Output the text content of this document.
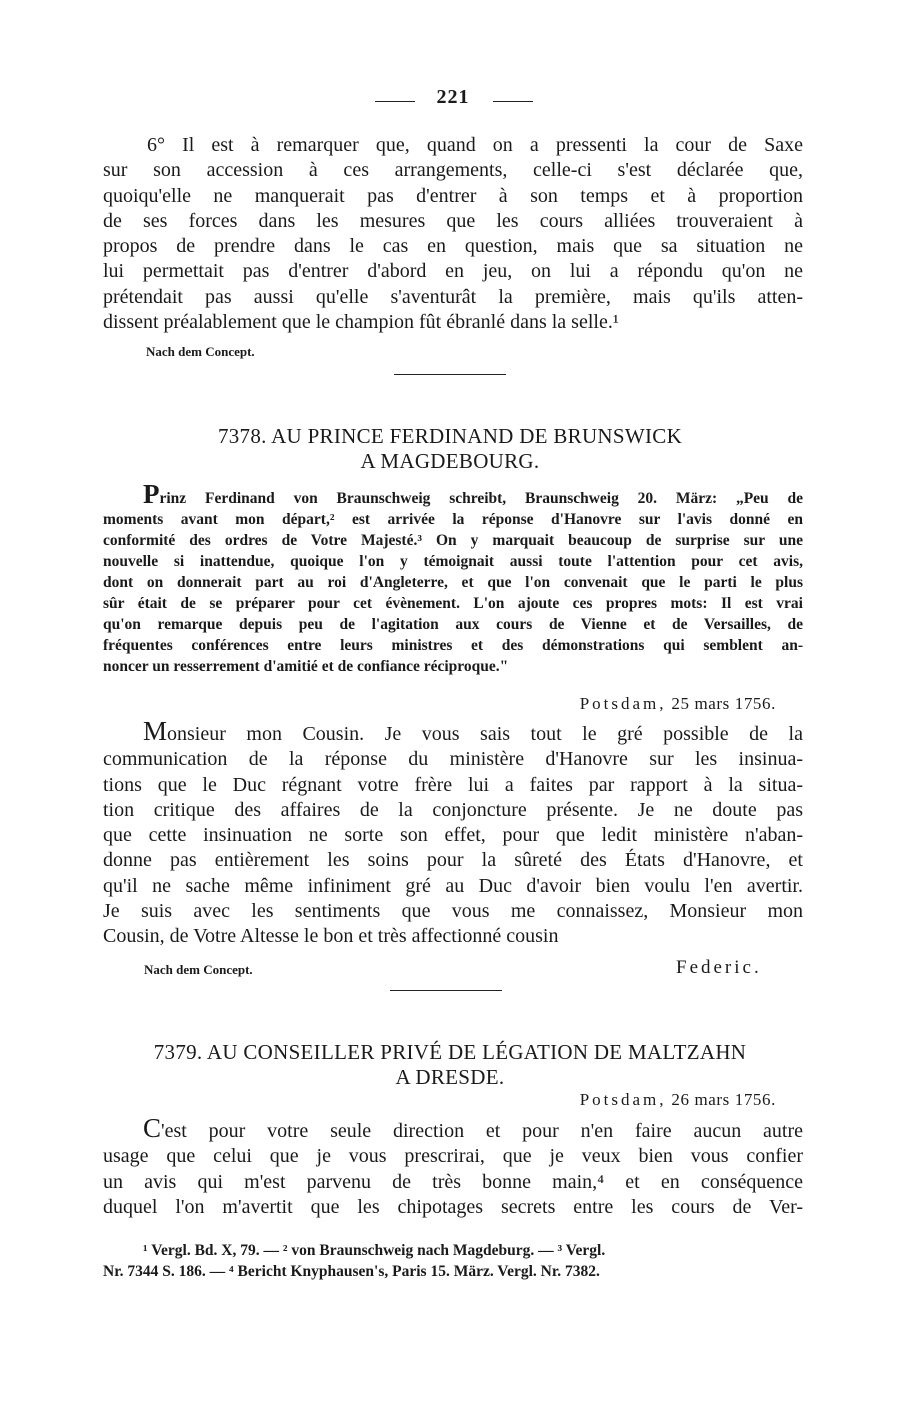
221
6° Il est à remarquer que, quand on a pressenti la cour de Saxe
sur son accession à ces arrangements, celle-ci s'est déclarée que,
quoiqu'elle ne manquerait pas d'entrer à son temps et à proportion
de ses forces dans les mesures que les cours alliées trouveraient à
propos de prendre dans le cas en question, mais que sa situation ne
lui permettait pas d'entrer d'abord en jeu, on lui a répondu qu'on ne
prétendait pas aussi qu'elle s'aventurât la première, mais qu'ils atten-
dissent préalablement que le champion fût ébranlé dans la selle.¹
Nach dem Concept.
7378. AU PRINCE FERDINAND DE BRUNSWICK
A MAGDEBOURG.
Prinz Ferdinand von Braunschweig schreibt, Braunschweig 20. März: „Peu de
moments avant mon départ,² est arrivée la réponse d'Hanovre sur l'avis donné en
conformité des ordres de Votre Majesté.³ On y marquait beaucoup de surprise sur une
nouvelle si inattendue, quoique l'on y témoignait aussi toute l'attention pour cet avis,
dont on donnerait part au roi d'Angleterre, et que l'on convenait que le parti le plus
sûr était de se préparer pour cet évènement. L'on ajoute ces propres mots: Il est vrai
qu'on remarque depuis peu de l'agitation aux cours de Vienne et de Versailles, de
fréquentes conférences entre leurs ministres et des démonstrations qui semblent an-
noncer un resserrement d'amitié et de confiance réciproque."
Potsdam, 25 mars 1756.
Monsieur mon Cousin. Je vous sais tout le gré possible de la
communication de la réponse du ministère d'Hanovre sur les insinua-
tions que le Duc régnant votre frère lui a faites par rapport à la situa-
tion critique des affaires de la conjoncture présente. Je ne doute pas
que cette insinuation ne sorte son effet, pour que ledit ministère n'aban-
donne pas entièrement les soins pour la sûreté des États d'Hanovre, et
qu'il ne sache même infiniment gré au Duc d'avoir bien voulu l'en avertir.
Je suis avec les sentiments que vous me connaissez, Monsieur mon
Cousin, de Votre Altesse le bon et très affectionné cousin
Nach dem Concept.	Federic.
7379. AU CONSEILLER PRIVÉ DE LÉGATION DE MALTZAHN
A DRESDE.
Potsdam, 26 mars 1756.
C'est pour votre seule direction et pour n'en faire aucun autre
usage que celui que je vous prescrirai, que je veux bien vous confier
un avis qui m'est parvenu de très bonne main,⁴ et en conséquence
duquel l'on m'avertit que les chipotages secrets entre les cours de Ver-
¹ Vergl. Bd. X, 79. — ² von Braunschweig nach Magdeburg. — ³ Vergl.
Nr. 7344 S. 186. — ⁴ Bericht Knyphausen's, Paris 15. März. Vergl. Nr. 7382.
